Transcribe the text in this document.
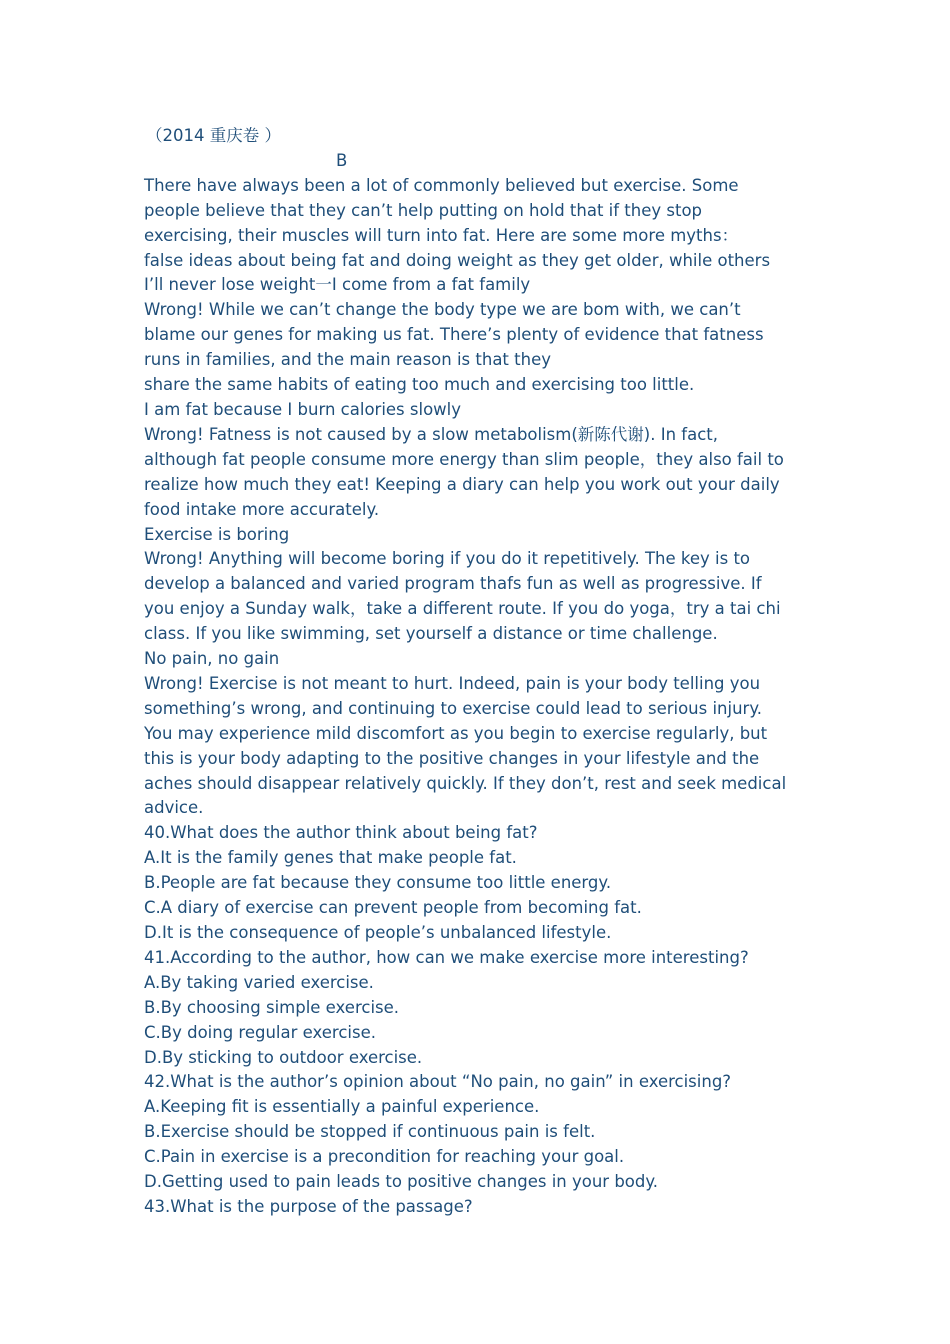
（2014 重庆卷 ）
B
There have always been a lot of commonly believed but exercise. Some
people believe that they can’t help putting on hold that if they stop
exercising, their muscles will turn into fat. Here are some more myths：
false ideas about being fat and doing weight as they get older, while others
I’ll never lose weight一I come from a fat family
Wrong! While we can’t change the body type we are bom with, we can’t
blame our genes for making us fat. There’s plenty of evidence that fatness
runs in families, and the main reason is that they
share the same habits of eating too much and exercising too little.
I am fat because I burn calories slowly
Wrong! Fatness is not caused by a slow metabolism(新陈代谢). In fact,
although fat people consume more energy than slim people，they also fail to
realize how much they eat! Keeping a diary can help you work out your daily
food intake more accurately.
Exercise is boring
Wrong! Anything will become boring if you do it repetitively. The key is to
develop a balanced and varied program thafs fun as well as progressive. If
you enjoy a Sunday walk，take a different route. If you do yoga，try a tai chi
class. If you like swimming, set yourself a distance or time challenge.
No pain, no gain
Wrong! Exercise is not meant to hurt. Indeed, pain is your body telling you
something’s wrong, and continuing to exercise could lead to serious injury.
You may experience mild discomfort as you begin to exercise regularly, but
this is your body adapting to the positive changes in your lifestyle and the
aches should disappear relatively quickly. If they don’t, rest and seek medical
advice.
40.What does the author think about being fat?
A.It is the family genes that make people fat.
B.People are fat because they consume too little energy.
C.A diary of exercise can prevent people from becoming fat.
D.It is the consequence of people’s unbalanced lifestyle.
41.According to the author, how can we make exercise more interesting?
A.By taking varied exercise.
B.By choosing simple exercise.
C.By doing regular exercise.
D.By sticking to outdoor exercise.
42.What is the author’s opinion about “No pain, no gain” in exercising?
A.Keeping fit is essentially a painful experience.
B.Exercise should be stopped if continuous pain is felt.
C.Pain in exercise is a precondition for reaching your goal.
D.Getting used to pain leads to positive changes in your body.
43.What is the purpose of the passage?
